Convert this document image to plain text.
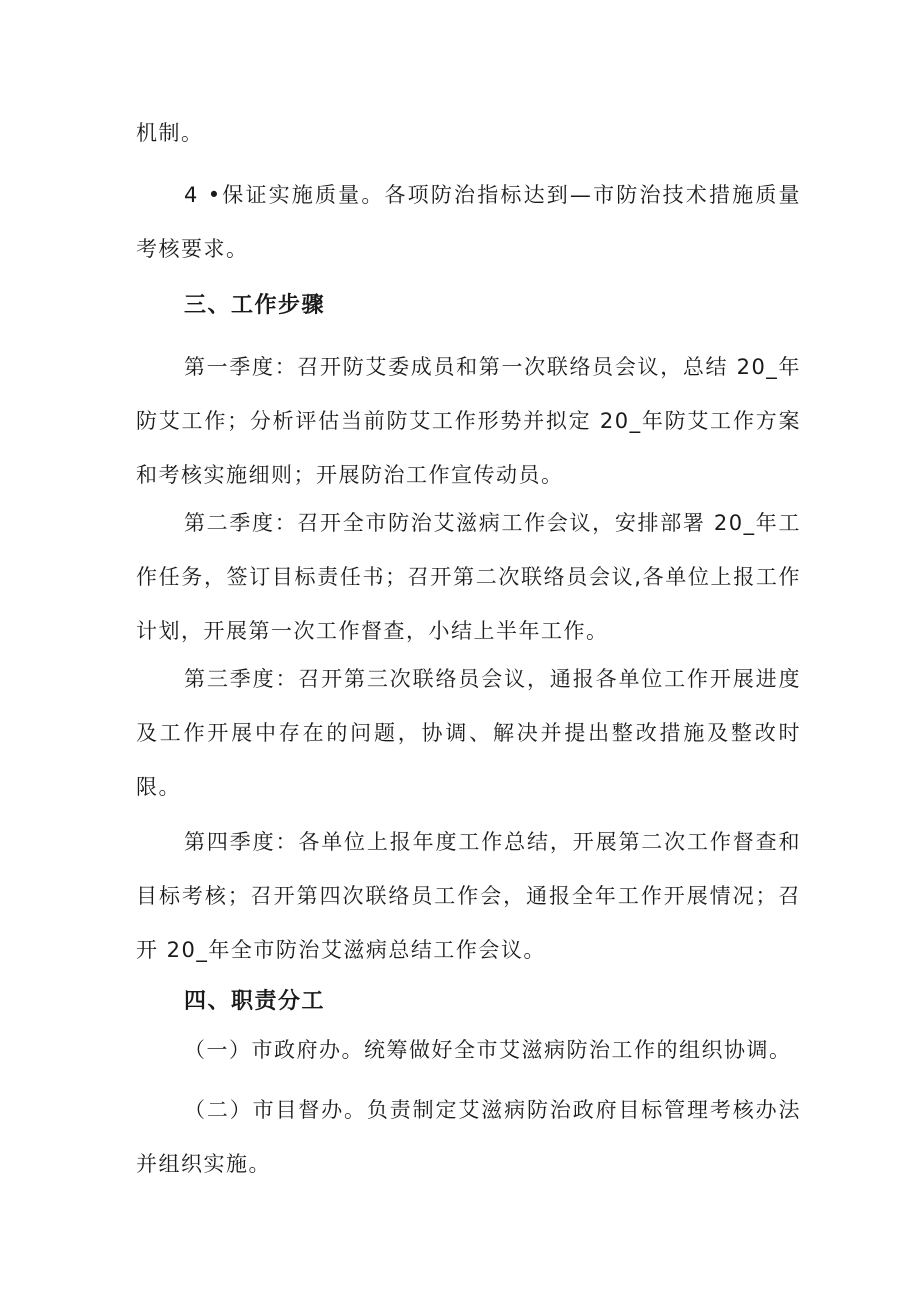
机制。

4 •保证实施质量。各项防治指标达到—市防治技术措施质量考核要求。

三、工作步骤

第一季度：召开防艾委成员和第一次联络员会议，总结 20_年防艾工作；分析评估当前防艾工作形势并拟定 20_年防艾工作方案和考核实施细则；开展防治工作宣传动员。

第二季度：召开全市防治艾滋病工作会议，安排部署 20_年工作任务，签订目标责任书；召开第二次联络员会议,各单位上报工作计划，开展第一次工作督查，小结上半年工作。

第三季度：召开第三次联络员会议，通报各单位工作开展进度及工作开展中存在的问题，协调、解决并提出整改措施及整改时限。

第四季度：各单位上报年度工作总结，开展第二次工作督查和目标考核；召开第四次联络员工作会，通报全年工作开展情况；召开 20_年全市防治艾滋病总结工作会议。

四、职责分工

（一）市政府办。统筹做好全市艾滋病防治工作的组织协调。

（二）市目督办。负责制定艾滋病防治政府目标管理考核办法并组织实施。
